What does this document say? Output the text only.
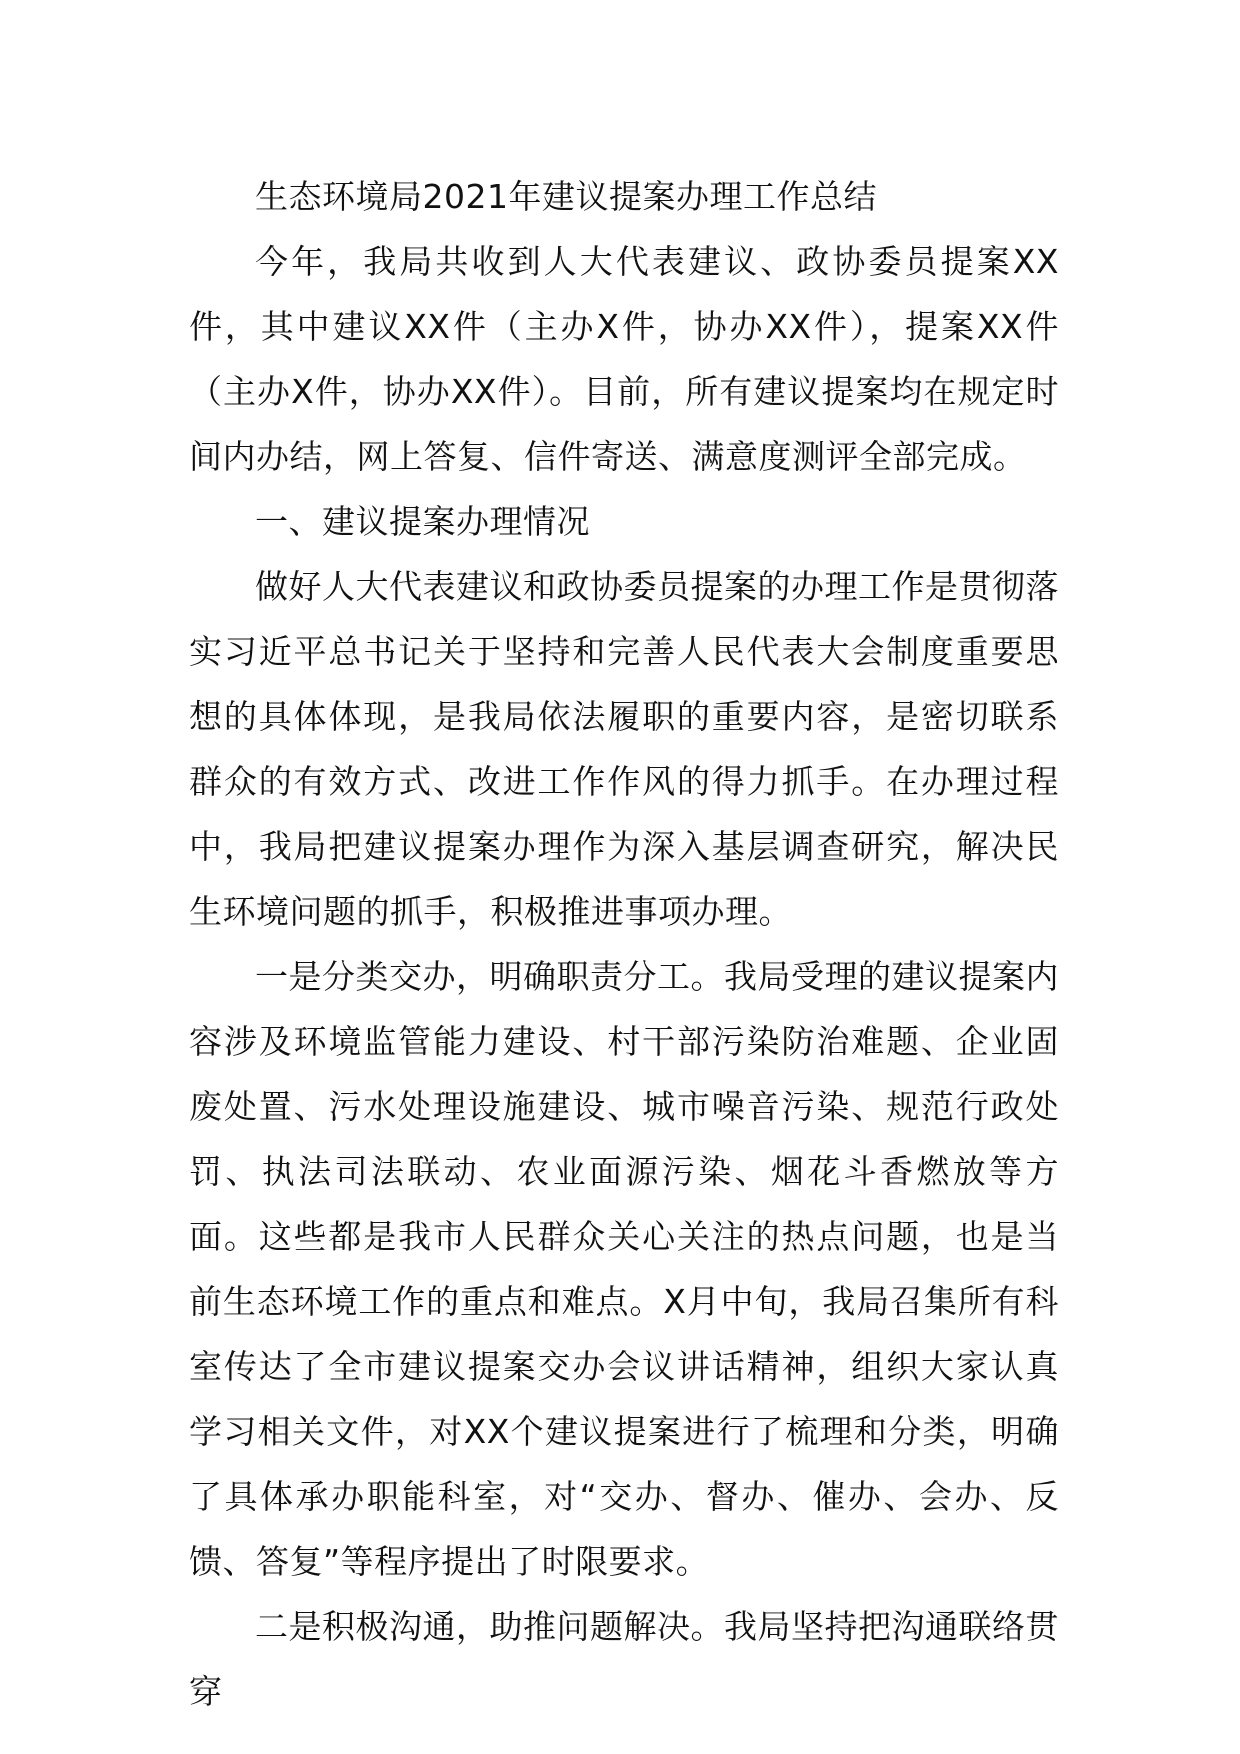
生态环境局2021年建议提案办理工作总结

今年，我局共收到人大代表建议、政协委员提案XX件，其中建议XX件（主办X件，协办XX件），提案XX件（主办X件，协办XX件）。目前，所有建议提案均在规定时间内办结，网上答复、信件寄送、满意度测评全部完成。

一、建议提案办理情况

做好人大代表建议和政协委员提案的办理工作是贯彻落实习近平总书记关于坚持和完善人民代表大会制度重要思想的具体体现，是我局依法履职的重要内容，是密切联系群众的有效方式、改进工作作风的得力抓手。在办理过程中，我局把建议提案办理作为深入基层调查研究，解决民生环境问题的抓手，积极推进事项办理。

一是分类交办，明确职责分工。我局受理的建议提案内容涉及环境监管能力建设、村干部污染防治难题、企业固废处置、污水处理设施建设、城市噪音污染、规范行政处罚、执法司法联动、农业面源污染、烟花斗香燃放等方面。这些都是我市人民群众关心关注的热点问题，也是当前生态环境工作的重点和难点。X月中旬，我局召集所有科室传达了全市建议提案交办会议讲话精神，组织大家认真学习相关文件，对XX个建议提案进行了梳理和分类，明确了具体承办职能科室，对“交办、督办、催办、会办、反馈、答复”等程序提出了时限要求。

二是积极沟通，助推问题解决。我局坚持把沟通联络贯穿
